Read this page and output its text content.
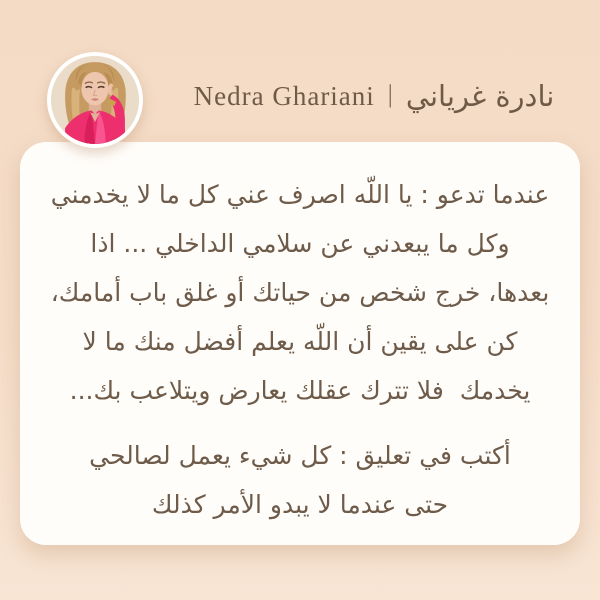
Nedra Ghariani | نادرة غرياني
عندما تدعو : يا اللّه اصرف عني كل ما لا يخدمني
وكل ما يبعدني عن سلامي الداخلي ... اذا
بعدها، خرج شخص من حياتك أو غلق باب أمامك،
كن على يقين أن اللّه يعلم أفضل منك ما لا
يخدمك  فلا تترك عقلك يعارض ويتلاعب بك...
أكتب في تعليق : كل شيء يعمل لصالحي
حتى عندما لا يبدو الأمر كذلك
